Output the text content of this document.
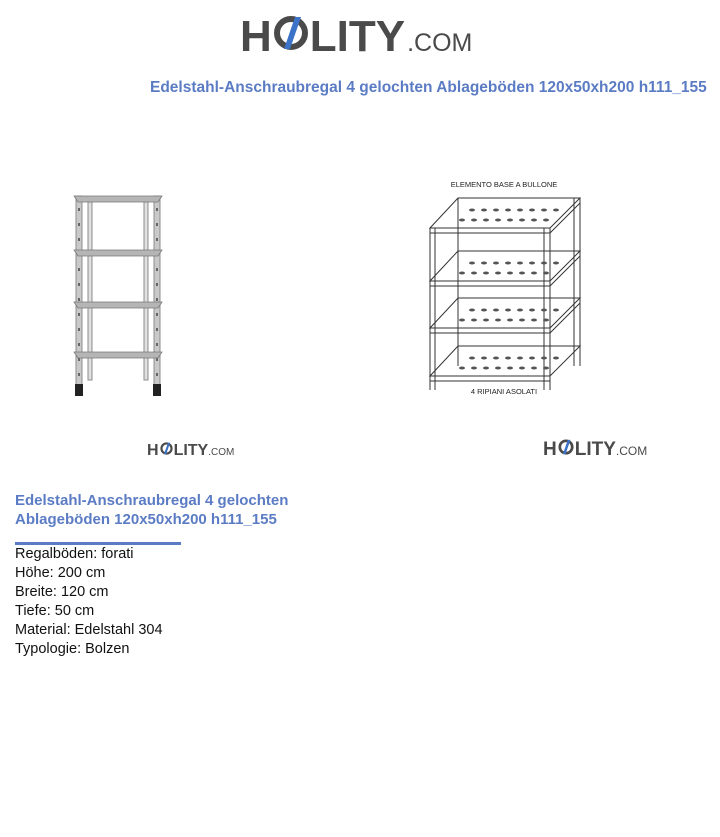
H LITY .COM
Edelstahl-Anschraubregal 4 gelochten Ablageböden 120x50xh200 h111_155
ELEMENTO BASE A BULLONE
4 RIPIANI ASOLATI
H LITY .COM	H LITY .COM
Edelstahl-Anschraubregal 4 gelochten
Ablageböden 120x50xh200 h111_155
Regalböden: forati
Höhe: 200 cm
Breite: 120 cm
Tiefe: 50 cm
Material: Edelstahl 304
Typologie: Bolzen
